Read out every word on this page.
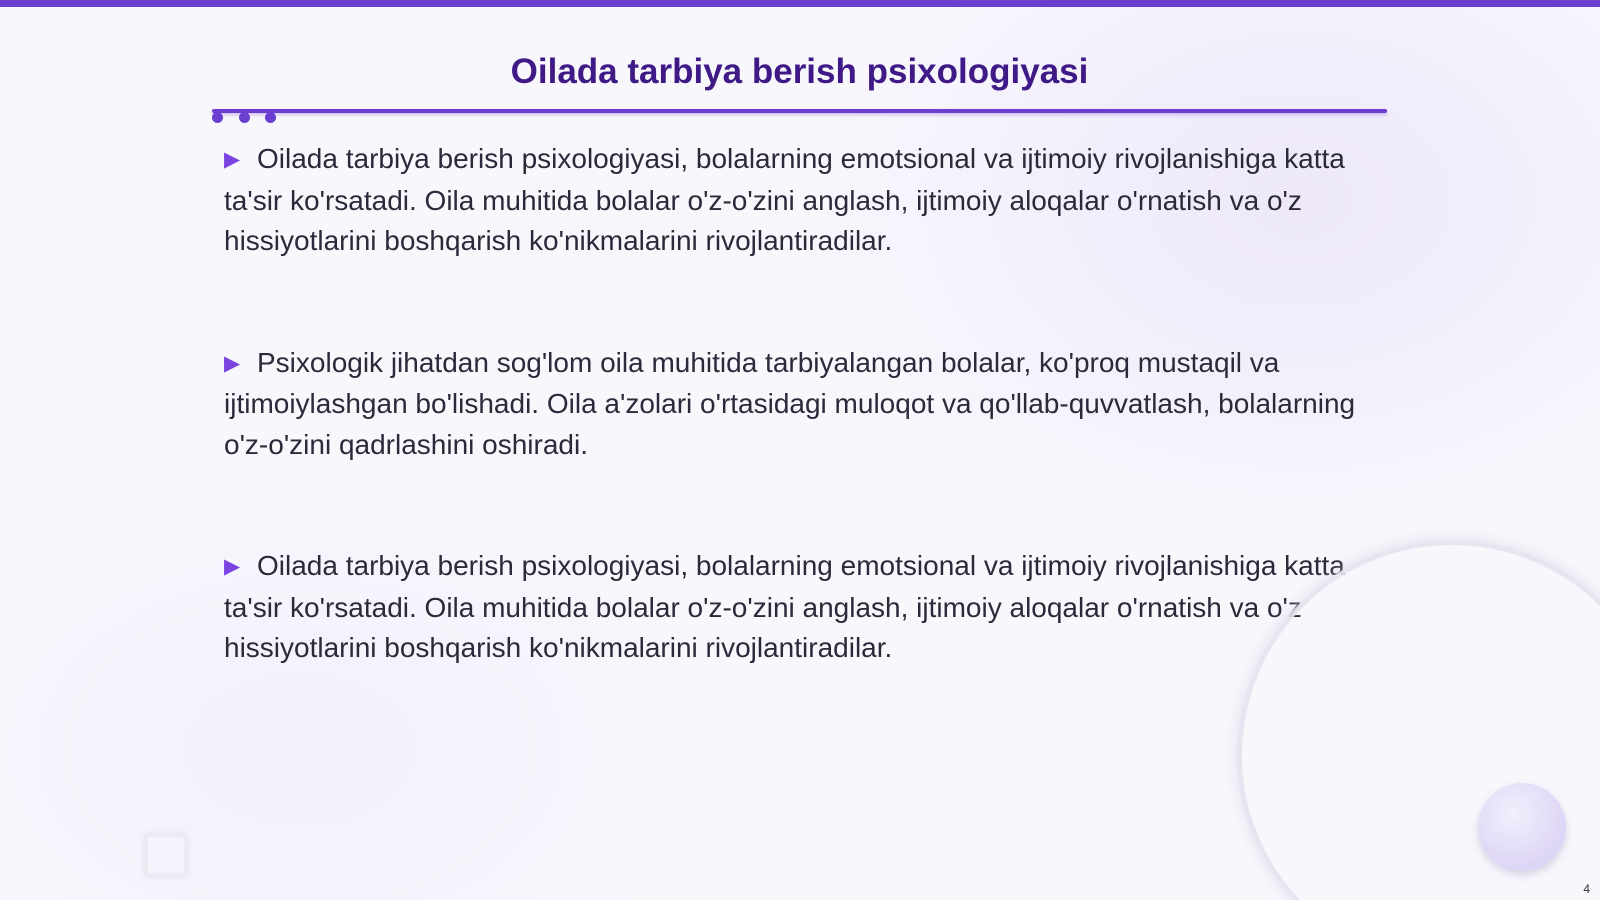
Oilada tarbiya berish psixologiyasi

▶ Oilada tarbiya berish psixologiyasi, bolalarning emotsional va ijtimoiy rivojlanishiga katta ta'sir ko'rsatadi. Oila muhitida bolalar o'z-o'zini anglash, ijtimoiy aloqalar o'rnatish va o'z hissiyotlarini boshqarish ko'nikmalarini rivojlantiradilar.

▶ Psixologik jihatdan sog'lom oila muhitida tarbiyalangan bolalar, ko'proq mustaqil va ijtimoiylashgan bo'lishadi. Oila a'zolari o'rtasidagi muloqot va qo'llab-quvvatlash, bolalarning o'z-o'zini qadrlashini oshiradi.

▶ Oilada tarbiya berish psixologiyasi, bolalarning emotsional va ijtimoiy rivojlanishiga katta ta'sir ko'rsatadi. Oila muhitida bolalar o'z-o'zini anglash, ijtimoiy aloqalar o'rnatish va o'z hissiyotlarini boshqarish ko'nikmalarini rivojlantiradilar.

4
